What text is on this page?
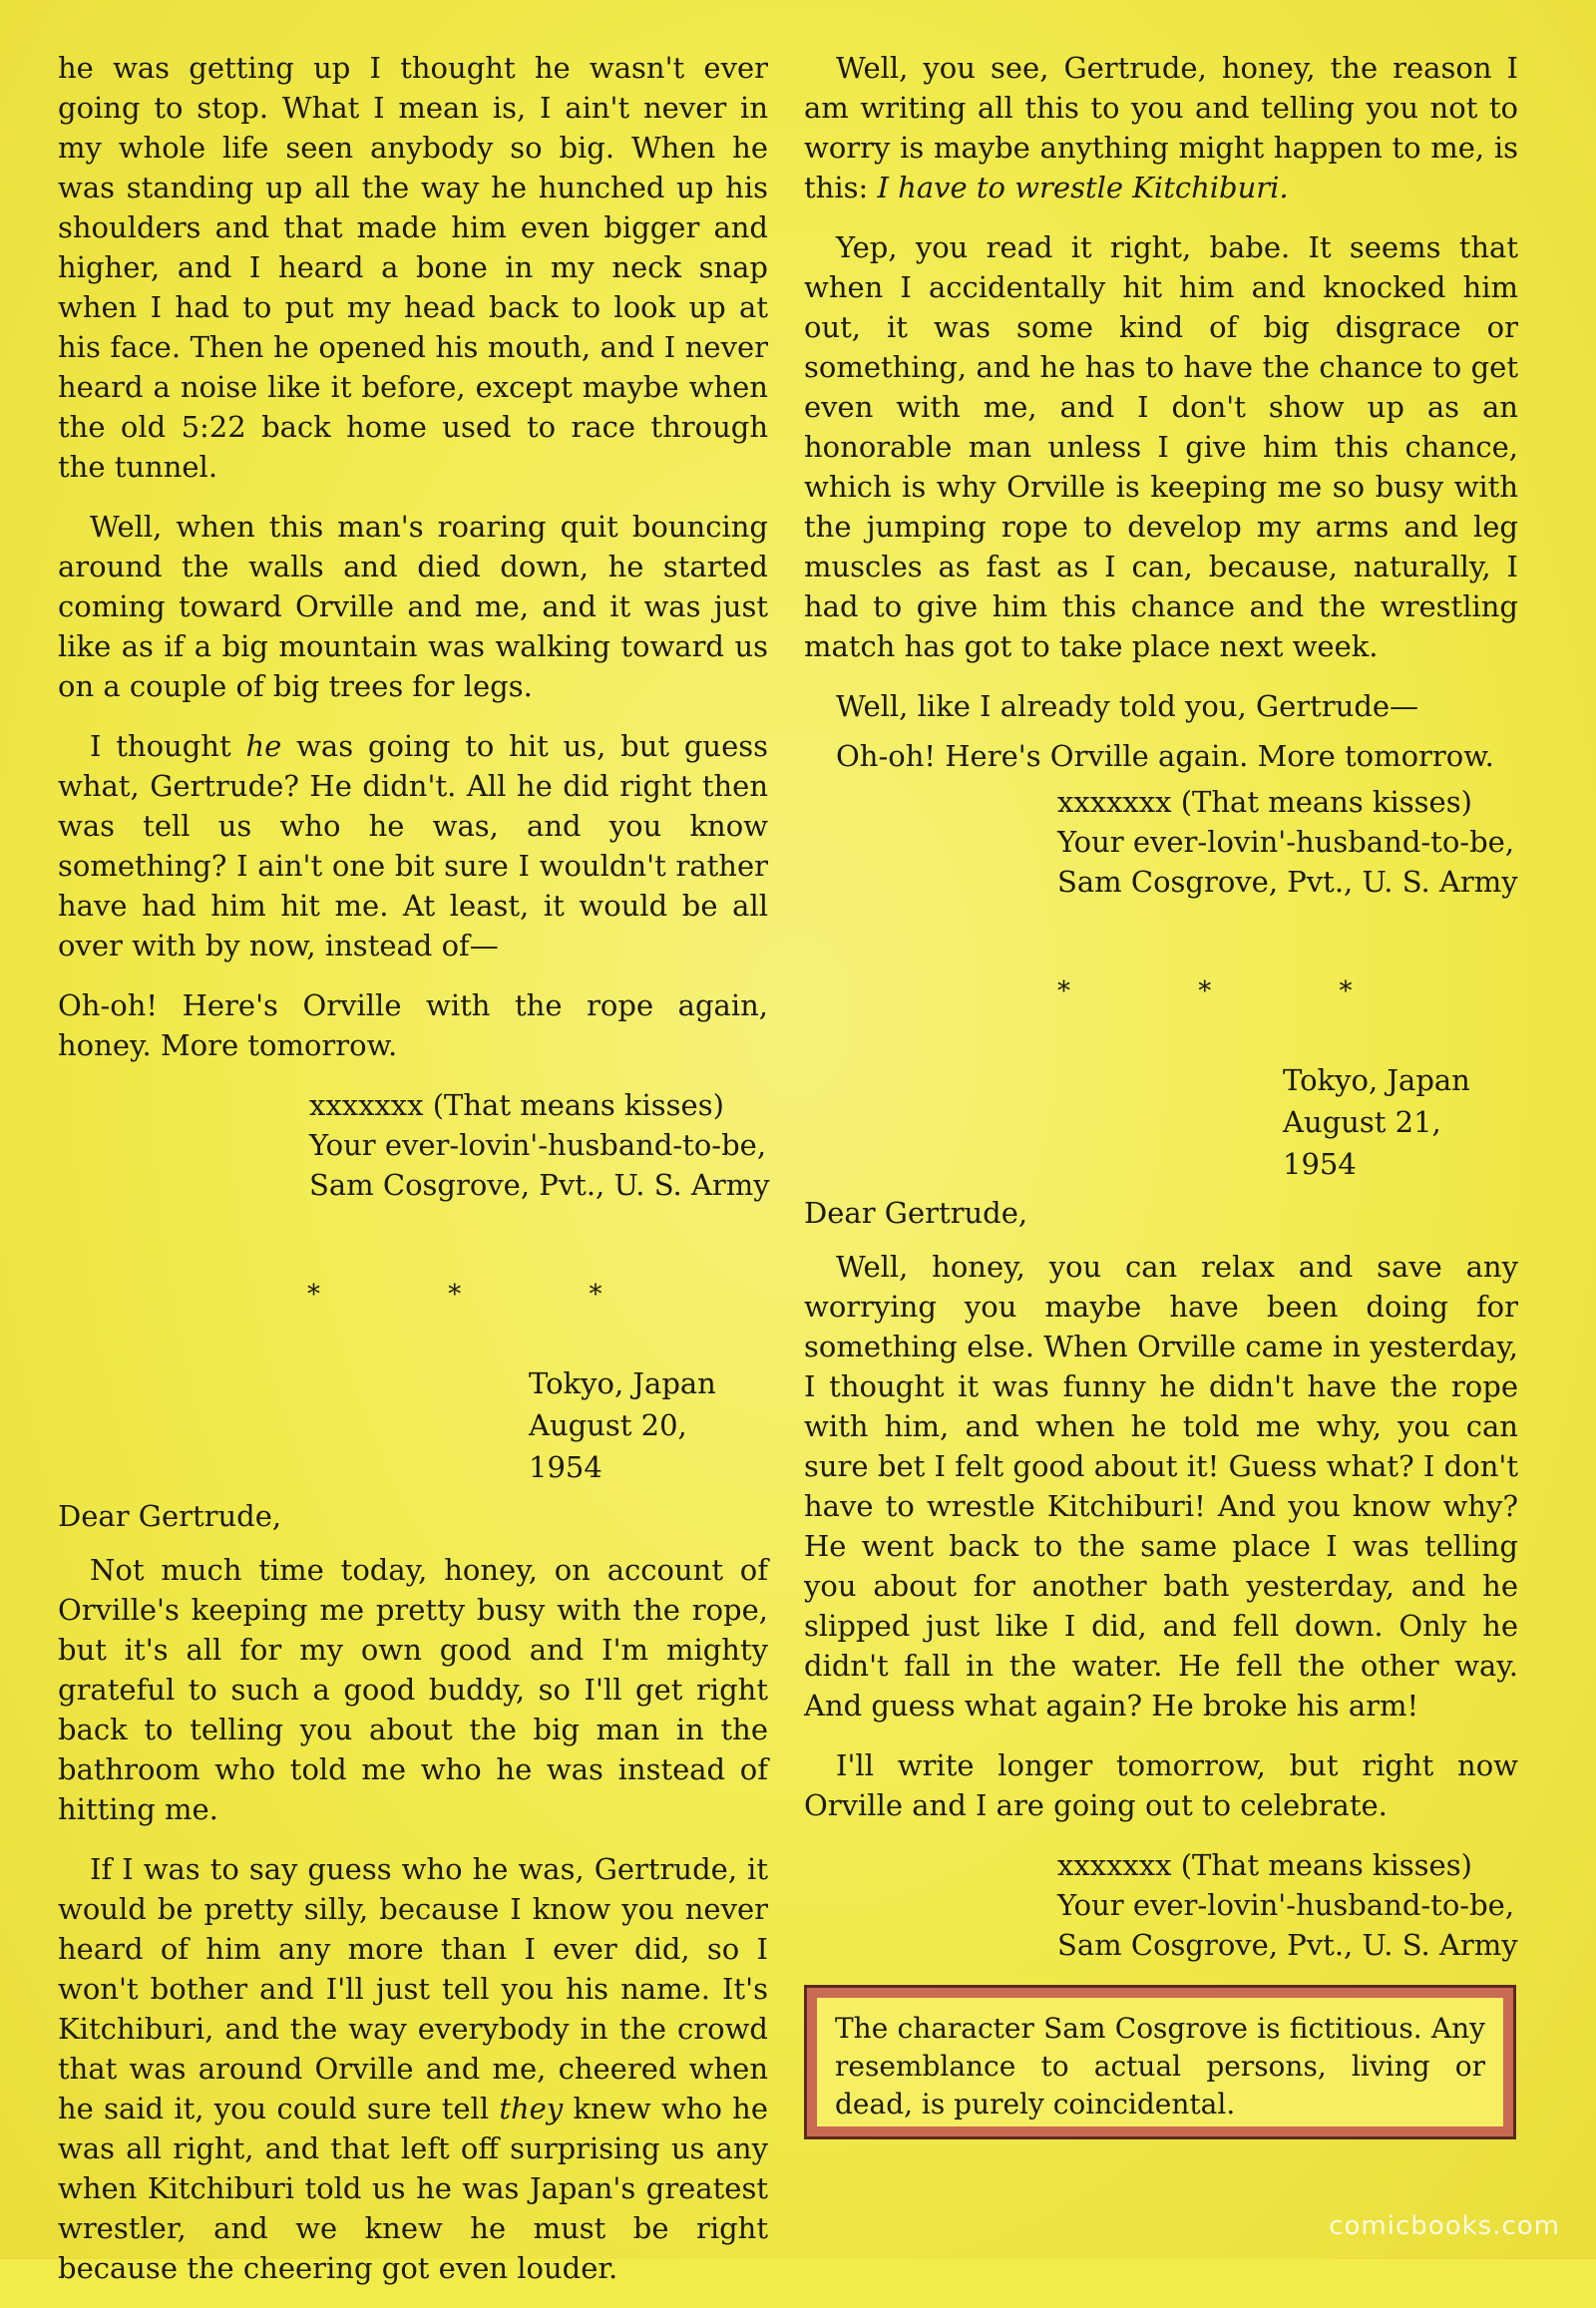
he was getting up I thought he wasn't ever going to stop. What I mean is, I ain't never in my whole life seen anybody so big. When he was standing up all the way he hunched up his shoulders and that made him even bigger and higher, and I heard a bone in my neck snap when I had to put my head back to look up at his face. Then he opened his mouth, and I never heard a noise like it before, except maybe when the old 5:22 back home used to race through the tunnel.

Well, when this man's roaring quit bouncing around the walls and died down, he started coming toward Orville and me, and it was just like as if a big mountain was walking toward us on a couple of big trees for legs.

I thought he was going to hit us, but guess what, Gertrude? He didn't. All he did right then was tell us who he was, and you know something? I ain't one bit sure I wouldn't rather have had him hit me. At least, it would be all over with by now, instead of—

Oh-oh! Here's Orville with the rope again, honey. More tomorrow.

xxxxxxx (That means kisses)
Your ever-lovin'-husband-to-be,
Sam Cosgrove, Pvt., U. S. Army
* * *
Tokyo, Japan
August 20, 1954

Dear Gertrude,

Not much time today, honey, on account of Orville's keeping me pretty busy with the rope, but it's all for my own good and I'm mighty grateful to such a good buddy, so I'll get right back to telling you about the big man in the bathroom who told me who he was instead of hitting me.

If I was to say guess who he was, Gertrude, it would be pretty silly, because I know you never heard of him any more than I ever did, so I won't bother and I'll just tell you his name. It's Kitchiburi, and the way everybody in the crowd that was around Orville and me, cheered when he said it, you could sure tell they knew who he was all right, and that left off surprising us any when Kitchiburi told us he was Japan's greatest wrestler, and we knew he must be right because the cheering got even louder.

Well, you see, Gertrude, honey, the reason I am writing all this to you and telling you not to worry is maybe anything might happen to me, is this: I have to wrestle Kitchiburi.

Yep, you read it right, babe. It seems that when I accidentally hit him and knocked him out, it was some kind of big disgrace or something, and he has to have the chance to get even with me, and I don't show up as an honorable man unless I give him this chance, which is why Orville is keeping me so busy with the jumping rope to develop my arms and leg muscles as fast as I can, because, naturally, I had to give him this chance and the wrestling match has got to take place next week.

Well, like I already told you, Gertrude—

Oh-oh! Here's Orville again. More tomorrow.

xxxxxxx (That means kisses)
Your ever-lovin'-husband-to-be,
Sam Cosgrove, Pvt., U. S. Army
* * *
Tokyo, Japan
August 21, 1954

Dear Gertrude,

Well, honey, you can relax and save any worrying you maybe have been doing for something else. When Orville came in yesterday, I thought it was funny he didn't have the rope with him, and when he told me why, you can sure bet I felt good about it! Guess what? I don't have to wrestle Kitchiburi! And you know why? He went back to the same place I was telling you about for another bath yesterday, and he slipped just like I did, and fell down. Only he didn't fall in the water. He fell the other way. And guess what again? He broke his arm!

I'll write longer tomorrow, but right now Orville and I are going out to celebrate.

xxxxxxx (That means kisses)
Your ever-lovin'-husband-to-be,
Sam Cosgrove, Pvt., U. S. Army
The character Sam Cosgrove is fictitious. Any resemblance to actual persons, living or dead, is purely coincidental.
comicbooks.com
